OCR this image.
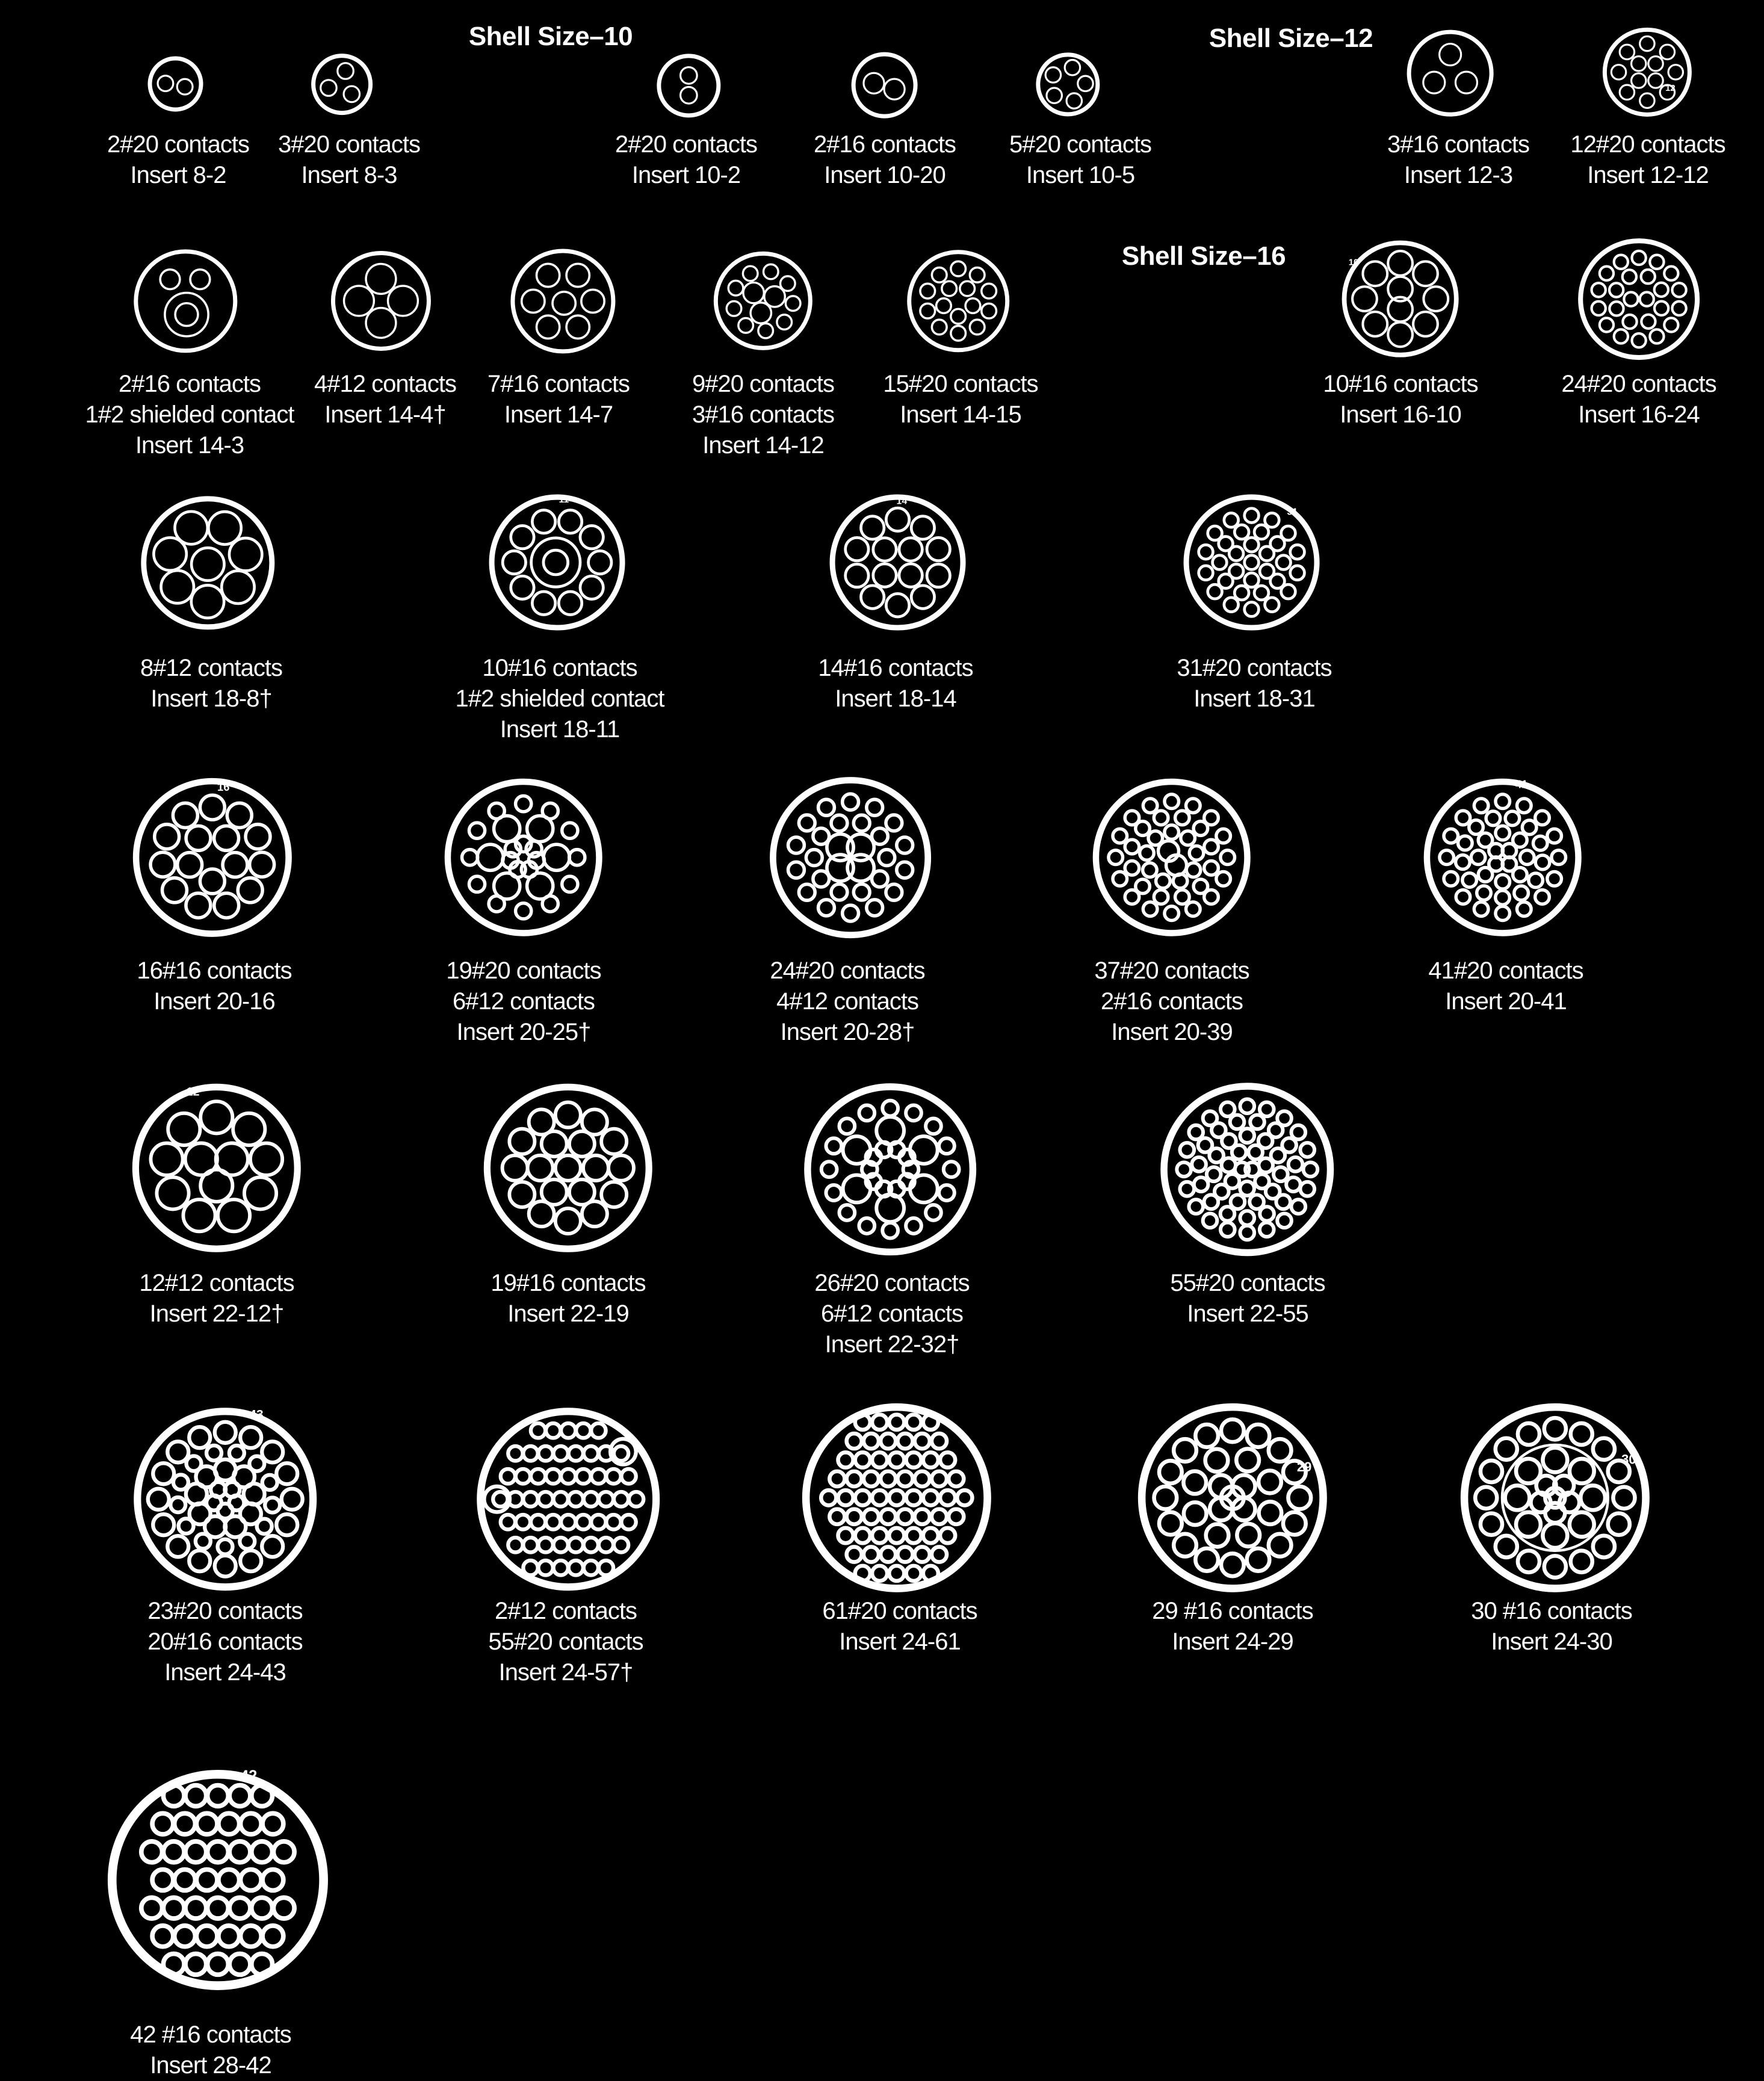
Shell Size–10	Shell Size–12
Shell Size–16
2#20 contacts
Insert 8-2
3#20 contacts
Insert 8-3
2#20 contacts
Insert 10-2
2#16 contacts
Insert 10-20
5#20 contacts
Insert 10-5
3#16 contacts
Insert 12-3
12#20 contacts
Insert 12-12
2#16 contacts
1#2 shielded contact
Insert 14-3
4#12 contacts
Insert 14-4†
7#16 contacts
Insert 14-7
9#20 contacts
3#16 contacts
Insert 14-12
15#20 contacts
Insert 14-15
10#16 contacts
Insert 16-10
24#20 contacts
Insert 16-24
8#12 contacts
Insert 18-8†
10#16 contacts
1#2 shielded contact
Insert 18-11
14#16 contacts
Insert 18-14
31#20 contacts
Insert 18-31
16#16 contacts
Insert 20-16
19#20 contacts
6#12 contacts
Insert 20-25†
24#20 contacts
4#12 contacts
Insert 20-28†
37#20 contacts
2#16 contacts
Insert 20-39
41#20 contacts
Insert 20-41
12#12 contacts
Insert 22-12†
19#16 contacts
Insert 22-19
26#20 contacts
6#12 contacts
Insert 22-32†
55#20 contacts
Insert 22-55
23#20 contacts
20#16 contacts
Insert 24-43
2#12 contacts
55#20 contacts
Insert 24-57†
61#20 contacts
Insert 24-61
29 #16 contacts
Insert 24-29
30 #16 contacts
Insert 24-30
42 #16 contacts
Insert 28-42
